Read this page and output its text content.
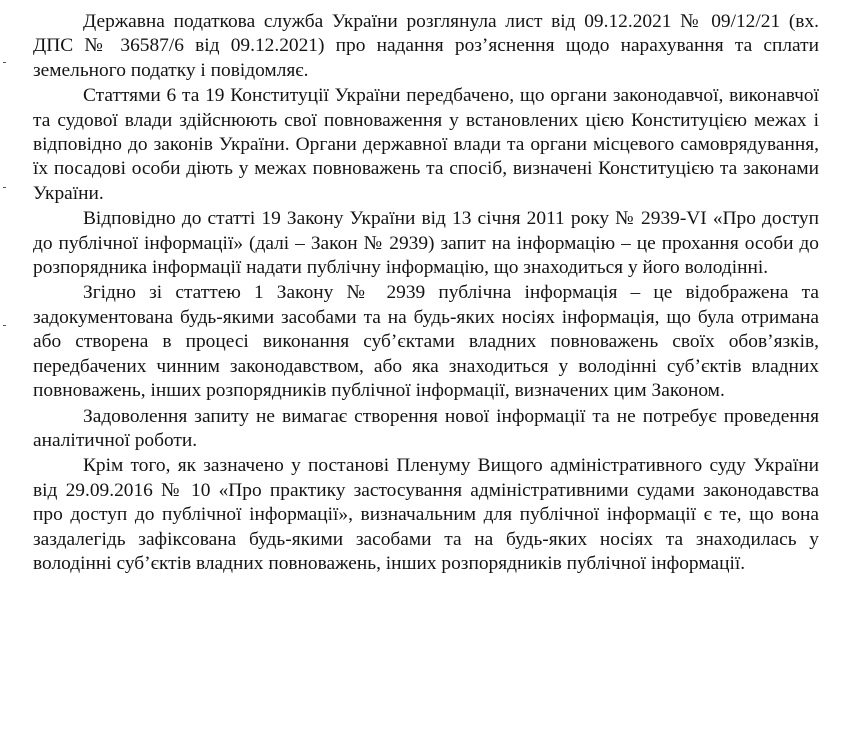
Державна податкова служба України розглянула лист від 09.12.2021 № 09/12/21 (вх. ДПС № 36587/6 від 09.12.2021) про надання роз’яснення щодо нарахування та сплати земельного податку і повідомляє.

Статтями 6 та 19 Конституції України передбачено, що органи законодавчої, виконавчої та судової влади здійснюють свої повноваження у встановлених цією Конституцією межах і відповідно до законів України. Органи державної влади та органи місцевого самоврядування, їх посадові особи діють у межах повноважень та спосіб, визначені Конституцією та законами України.

Відповідно до статті 19 Закону України від 13 січня 2011 року № 2939-VI «Про доступ до публічної інформації» (далі – Закон № 2939) запит на інформацію – це прохання особи до розпорядника інформації надати публічну інформацію, що знаходиться у його володінні.

Згідно зі статтею 1 Закону № 2939 публічна інформація – це відображена та задокументована будь-якими засобами та на будь-яких носіях інформація, що була отримана або створена в процесі виконання суб’єктами владних повноважень своїх обов’язків, передбачених чинним законодавством, або яка знаходиться у володінні суб’єктів владних повноважень, інших розпорядників публічної інформації, визначених цим Законом.

Задоволення запиту не вимагає створення нової інформації та не потребує проведення аналітичної роботи.

Крім того, як зазначено у постанові Пленуму Вищого адміністративного суду України від 29.09.2016 № 10 «Про практику застосування адміністративними судами законодавства про доступ до публічної інформації», визначальним для публічної інформації є те, що вона заздалегідь зафіксована будь-якими засобами та на будь-яких носіях та знаходилась у володінні суб’єктів владних повноважень, інших розпорядників публічної інформації.
